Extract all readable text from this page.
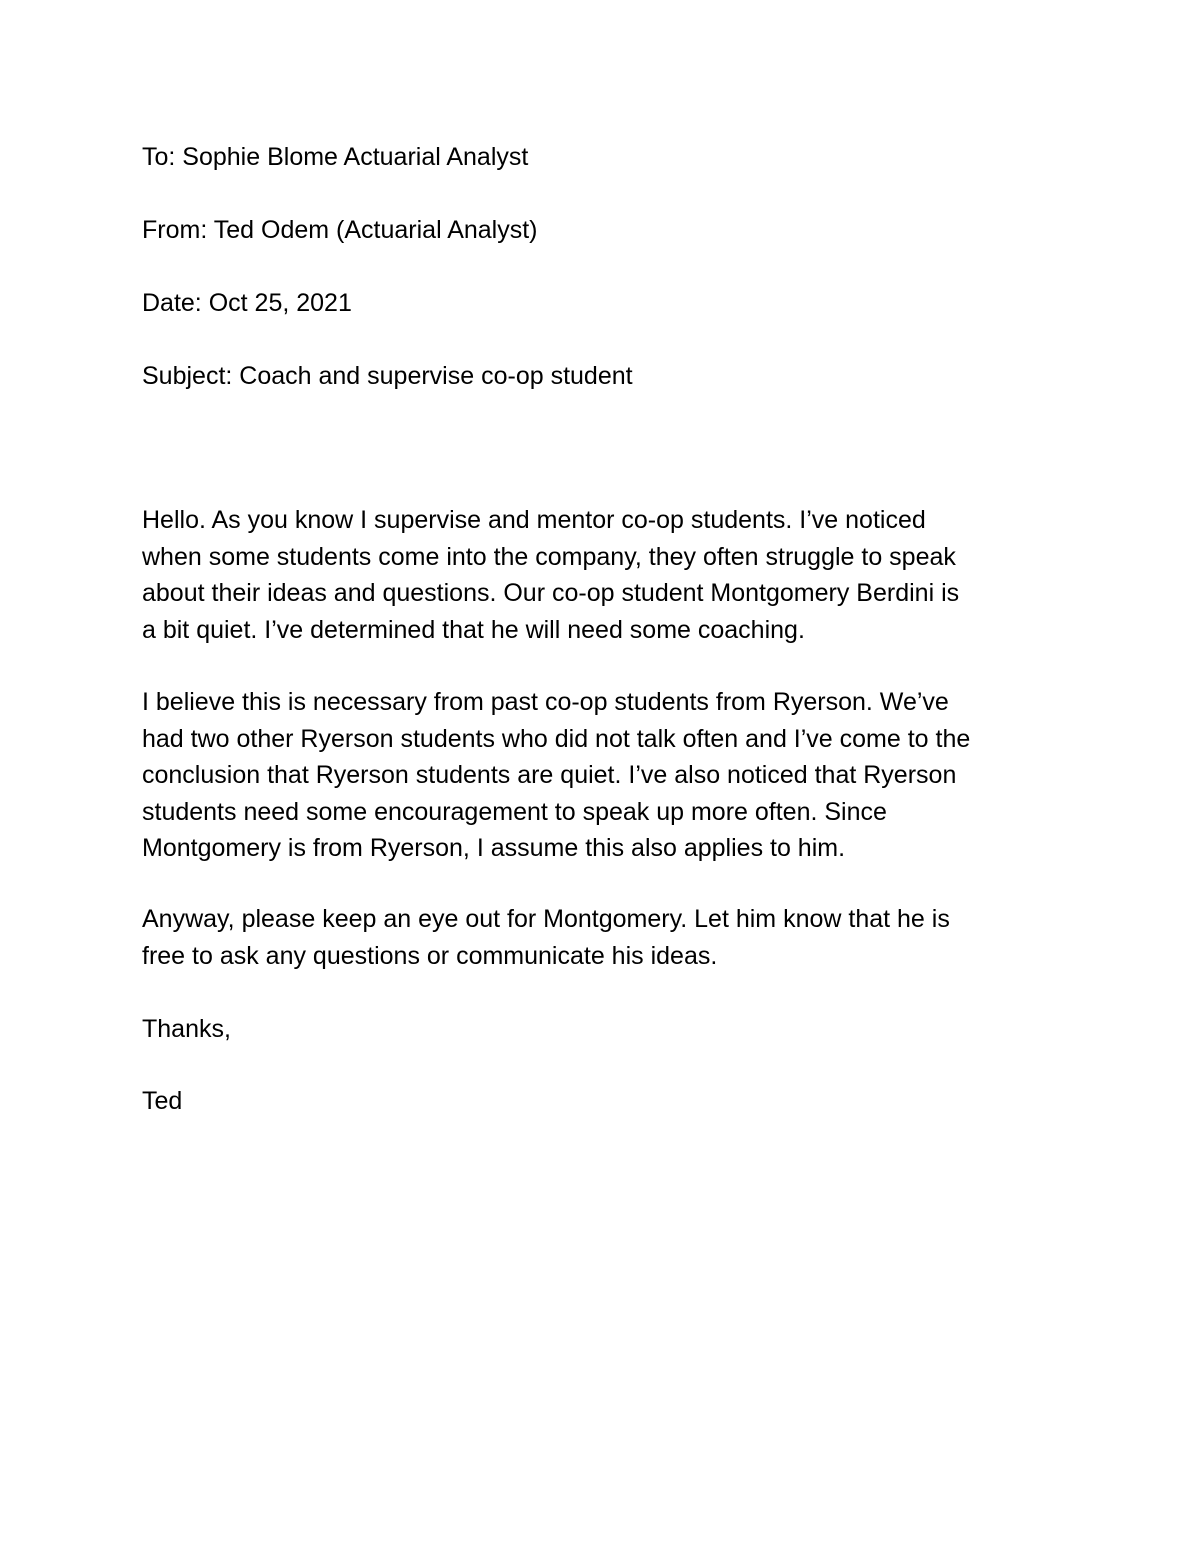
To: Sophie Blome Actuarial Analyst

From: Ted Odem (Actuarial Analyst)

Date: Oct 25, 2021

Subject: Coach and supervise co-op student

Hello. As you know I supervise and mentor co-op students. I’ve noticed
when some students come into the company, they often struggle to speak
about their ideas and questions. Our co-op student Montgomery Berdini is
a bit quiet. I’ve determined that he will need some coaching.
I believe this is necessary from past co-op students from Ryerson. We’ve
had two other Ryerson students who did not talk often and I’ve come to the
conclusion that Ryerson students are quiet. I’ve also noticed that Ryerson
students need some encouragement to speak up more often. Since
Montgomery is from Ryerson, I assume this also applies to him.
Anyway, please keep an eye out for Montgomery. Let him know that he is
free to ask any questions or communicate his ideas.

Thanks,

Ted
